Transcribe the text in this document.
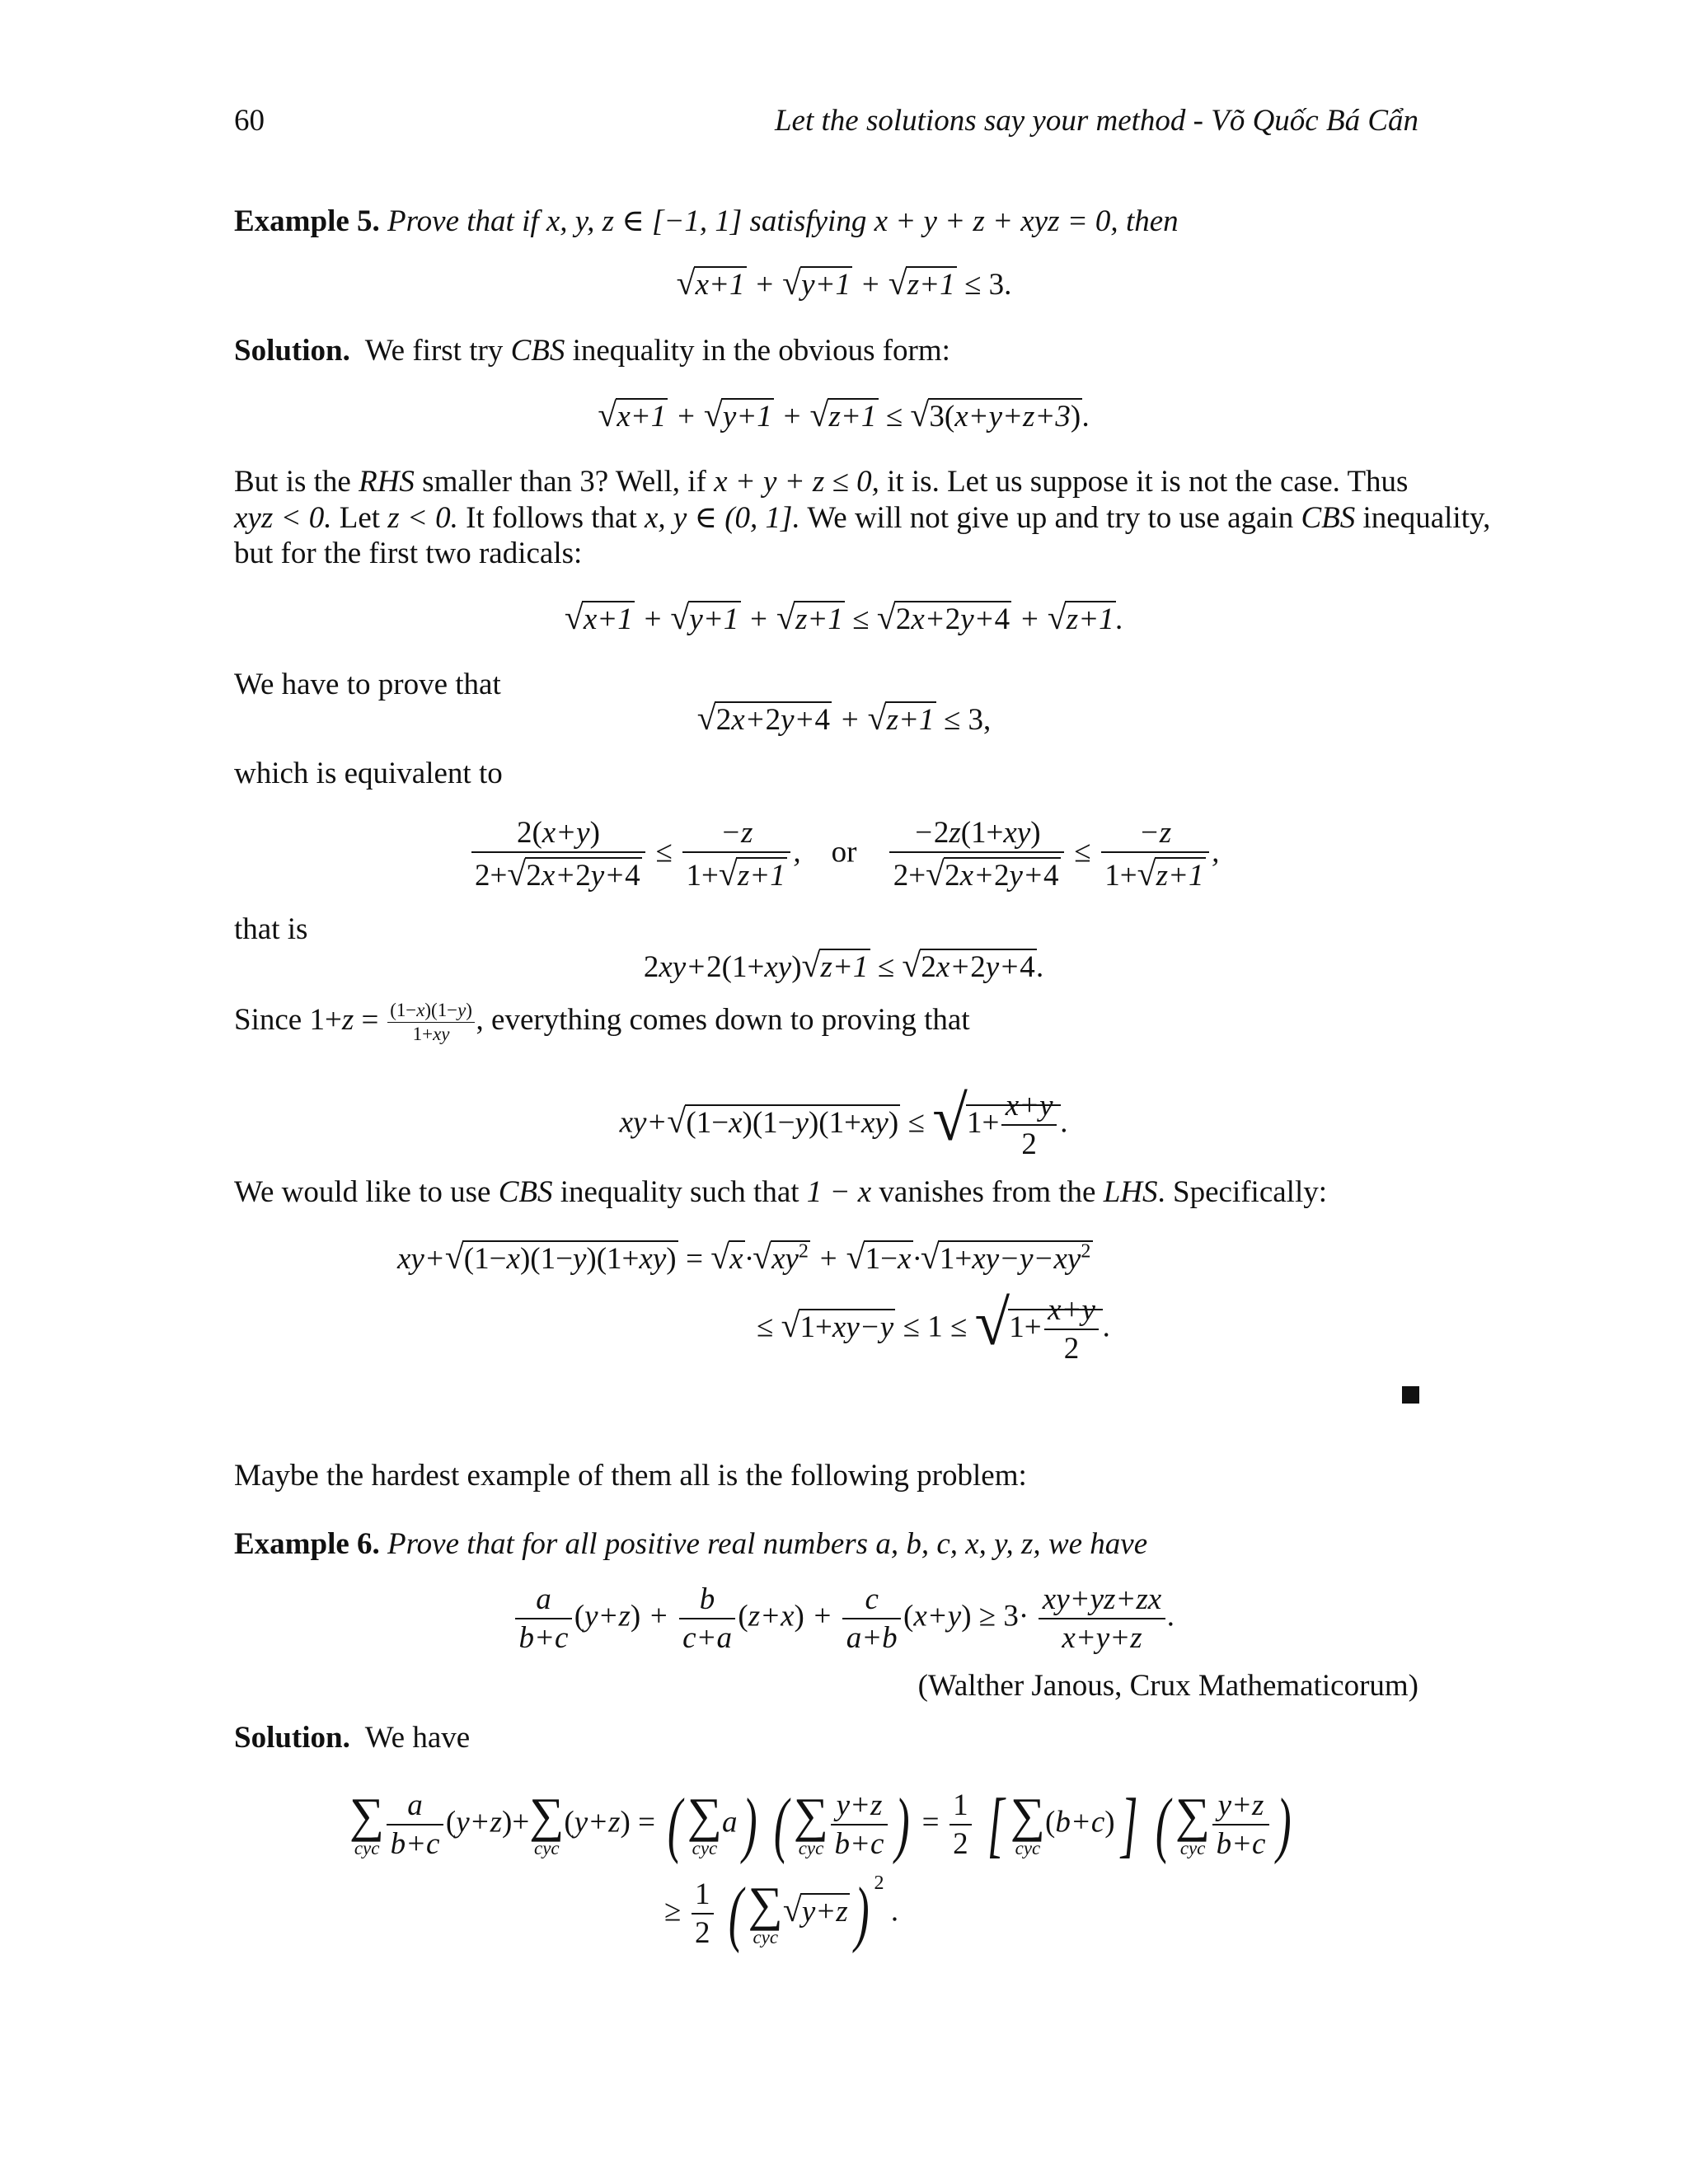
60	Let the solutions say your method - Võ Quốc Bá Cẩn
Example 5. Prove that if x, y, z ∈ [−1, 1] satisfying x + y + z + xyz = 0, then
√x+1 + √y+1 + √z+1 ≤ 3.
Solution. We first try CBS inequality in the obvious form:
√x+1 + √y+1 + √z+1 ≤ √3(x+y+z+3).
But is the RHS smaller than 3? Well, if x + y + z ≤ 0, it is. Let us suppose it is not the case. Thus
xyz < 0. Let z < 0. It follows that x, y ∈ (0, 1]. We will not give up and try to use again CBS inequality,
but for the first two radicals:
√x+1 + √y+1 + √z+1 ≤ √2x+2y+4 + √z+1.
We have to prove that
√2x+2y+4 + √z+1 ≤ 3,
which is equivalent to
$\frac{2(x+y)}{2+√2x+2y+4} \le \frac{-z}{1+√z+1}$ ,    or $\frac{-2z(1+xy)}{2+√2x+2y+4} \le \frac{-z}{1+√z+1}$ ,
that is
2xy+2(1+xy)√z+1 ≤ √2x+2y+4.
Since $1+z = \frac{(1-x)(1-y)}{1+xy}$ , everything comes down to proving that
$xy+√(1-x)(1-y)(1+xy) \le √1+ \frac{x+y}{2}$ .
We would like to use CBS inequality such that 1 − x vanishes from the LHS. Specifically:
$xy+√(1-x)(1-y)(1+xy) = √x\cdot√xy^2 + √1-x\cdot√1+xy-y-xy^2$
≤ $√1+xy-y \le 1 \le √1+ \frac{x+y}{2}$ .
Maybe the hardest example of them all is the following problem:
Example 6. Prove that for all positive real numbers a, b, c, x, y, z, we have
$\frac{a}{b+c} (y+z) + \frac{b}{c+a} (z+x) + \frac{c}{a+b} (x+y) \ge 3\cdot \frac{xy+yz+zx}{x+y+z}$ .
(Walther Janous, Crux Mathematicorum)
Solution. We have
∑
cyc $\frac{a}{b+c} (y+z)+$ ∑
cyc
(y+z) = ( ∑
cyc
a) ( ∑
cyc $\frac{y+z}{b+c}$ ) = $\frac{1}{2}$ [ ∑
cyc
(b+c)] ( ∑
cyc $\frac{y+z}{b+c}$ )
≥ $\frac{1}{2}$ ( ∑
cyc
√y+z) $^2$ .
